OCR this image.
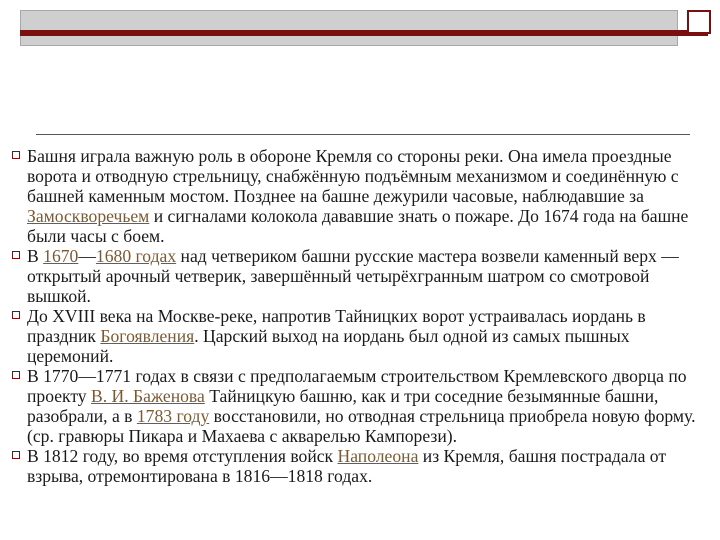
Башня играла важную роль в обороне Кремля со стороны реки. Она имела проездные ворота и отводную стрельницу, снабжённую подъёмным механизмом и соединённую с башней каменным мостом. Позднее на башне дежурили часовые, наблюдавшие за Замоскворечьем и сигналами колокола дававшие знать о пожаре. До 1674 года на башне были часы с боем.

В 1670—1680 годах над четвериком башни русские мастера возвели каменный верх — открытый арочный четверик, завершённый четырёхгранным шатром со смотровой вышкой.

До XVIII века на Москве-реке, напротив Тайницких ворот устраивалась иордань в праздник Богоявления. Царский выход на иордань был одной из самых пышных церемоний.

В 1770—1771 годах в связи с предполагаемым строительством Кремлевского дворца по проекту В. И. Баженова Тайницкую башню, как и три соседние безымянные башни, разобрали, а в 1783 году восстановили, но отводная стрельница приобрела новую форму. (ср. гравюры Пикара и Махаева с акварелью Кампорези).

В 1812 году, во время отступления войск Наполеона из Кремля, башня пострадала от взрыва, отремонтирована в 1816—1818 годах.
